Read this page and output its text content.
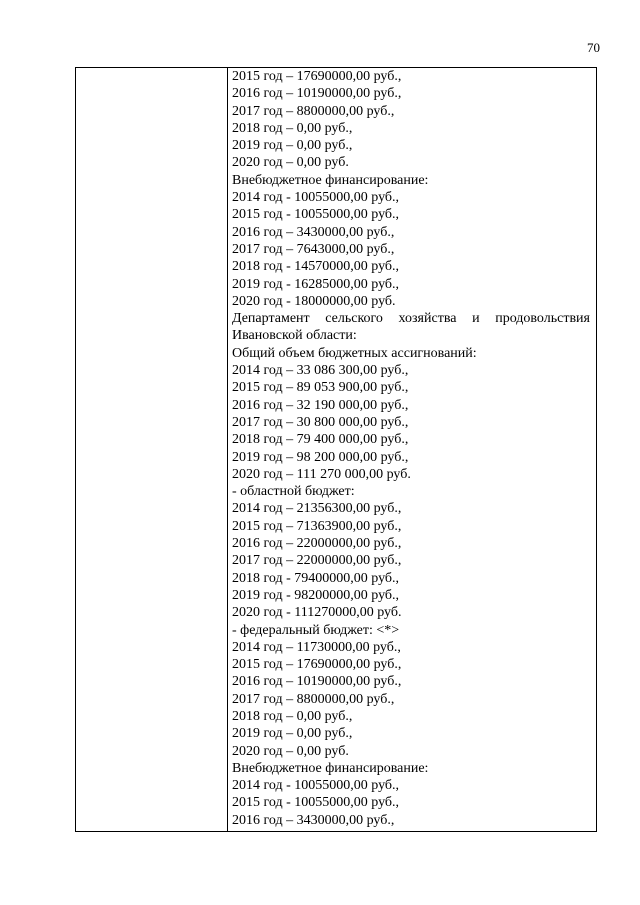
70
2015 год – 17690000,00 руб.,
2016 год – 10190000,00 руб.,
2017 год – 8800000,00 руб.,
2018 год – 0,00 руб.,
2019 год – 0,00 руб.,
2020 год – 0,00 руб.
Внебюджетное финансирование:
2014 год - 10055000,00 руб.,
2015 год - 10055000,00 руб.,
2016 год – 3430000,00 руб.,
2017 год – 7643000,00 руб.,
2018 год - 14570000,00 руб.,
2019 год - 16285000,00 руб.,
2020 год - 18000000,00 руб.
Департамент сельского хозяйства и продовольствия
Ивановской области:
Общий объем бюджетных ассигнований:
2014 год – 33 086 300,00 руб.,
2015 год – 89 053 900,00 руб.,
2016 год – 32 190 000,00 руб.,
2017 год – 30 800 000,00 руб.,
2018 год – 79 400 000,00 руб.,
2019 год – 98 200 000,00 руб.,
2020 год – 111 270 000,00 руб.
- областной бюджет:
2014 год – 21356300,00 руб.,
2015 год – 71363900,00 руб.,
2016 год – 22000000,00 руб.,
2017 год – 22000000,00 руб.,
2018 год - 79400000,00 руб.,
2019 год - 98200000,00 руб.,
2020 год - 111270000,00 руб.
- федеральный бюджет: <*>
2014 год – 11730000,00 руб.,
2015 год – 17690000,00 руб.,
2016 год – 10190000,00 руб.,
2017 год – 8800000,00 руб.,
2018 год – 0,00 руб.,
2019 год – 0,00 руб.,
2020 год – 0,00 руб.
Внебюджетное финансирование:
2014 год - 10055000,00 руб.,
2015 год - 10055000,00 руб.,
2016 год – 3430000,00 руб.,
